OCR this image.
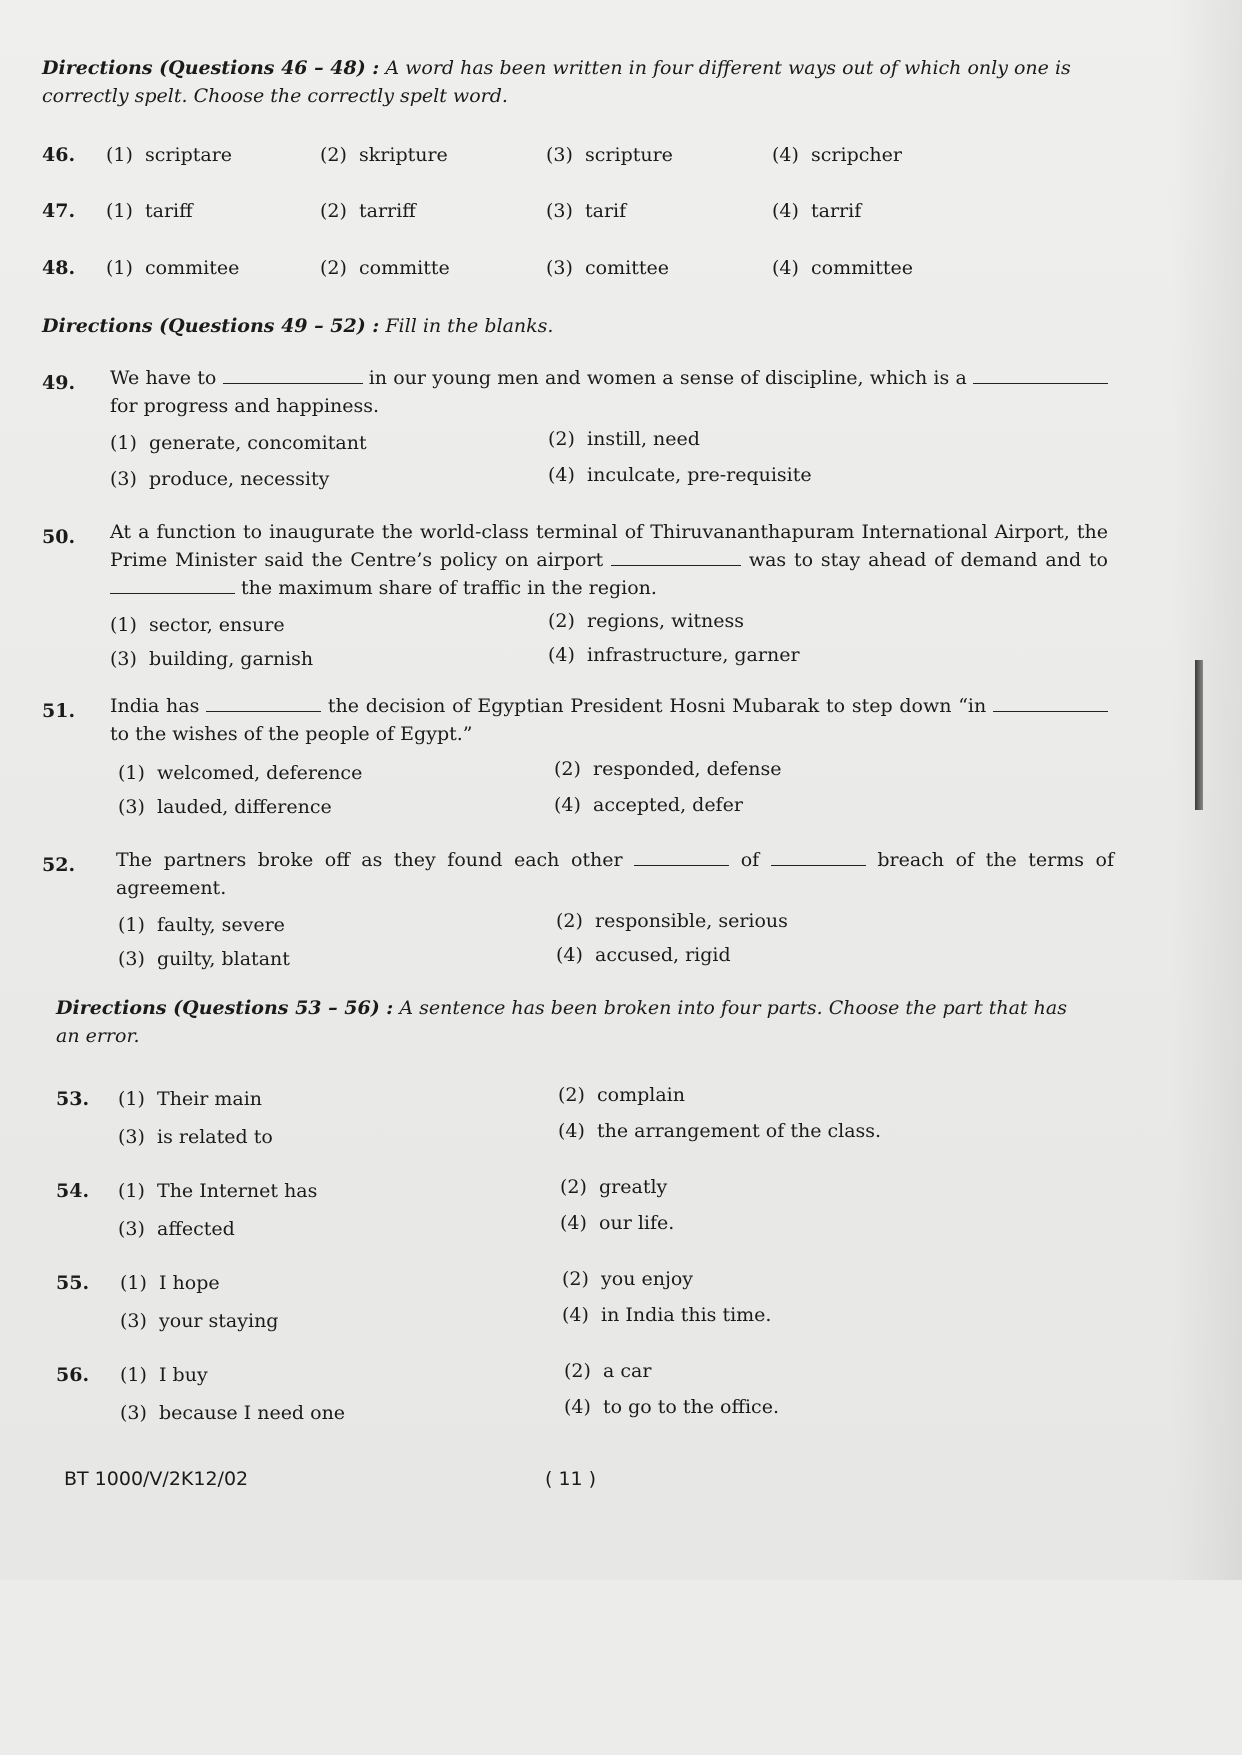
Directions (Questions 46 – 48) : A word has been written in four different ways out of which only one is correctly spelt. Choose the correctly spelt word.
46. (1) scriptare	(2) skripture	(3) scripture	(4) scripcher
47. (1) tariff	(2) tarriff	(3) tarif	(4) tarrif
48. (1) commitee	(2) committe	(3) comittee	(4) committee
Directions (Questions 49 – 52) : Fill in the blanks.
49. We have to	in our young men and women a sense of discipline, which is a  for progress and happiness.
(1) generate, concomitant	(2) instill, need
(3) produce, necessity	(4) inculcate, pre-requisite
50. At a function to inaugurate the world-class terminal of Thiruvananthapuram International Airport, the Prime Minister said the Centre’s policy on airport	was to stay ahead of demand and to  the maximum share of traffic in the region.
(1) sector, ensure	(2) regions, witness
(3) building, garnish	(4) infrastructure, garner
51. India has	the decision of Egyptian President Hosni Mubarak to step down “in  to the wishes of the people of Egypt.”
(1) welcomed, deference	(2) responded, defense
(3) lauded, difference	(4) accepted, defer
52. The partners broke off as they found each other	of	breach of the terms of agreement.
(1) faulty, severe	(2) responsible, serious
(3) guilty, blatant	(4) accused, rigid
Directions (Questions 53 – 56) : A sentence has been broken into four parts. Choose the part that has an error.
53. (1) Their main	(2) complain
(3) is related to	(4) the arrangement of the class.
54. (1) The Internet has	(2) greatly
(3) affected	(4) our life.
55. (1) I hope	(2) you enjoy
(3) your staying	(4) in India this time.
56. (1) I buy	(2) a car
(3) because I need one	(4) to go to the office.
BT 1000/V/2K12/02	( 11 )
